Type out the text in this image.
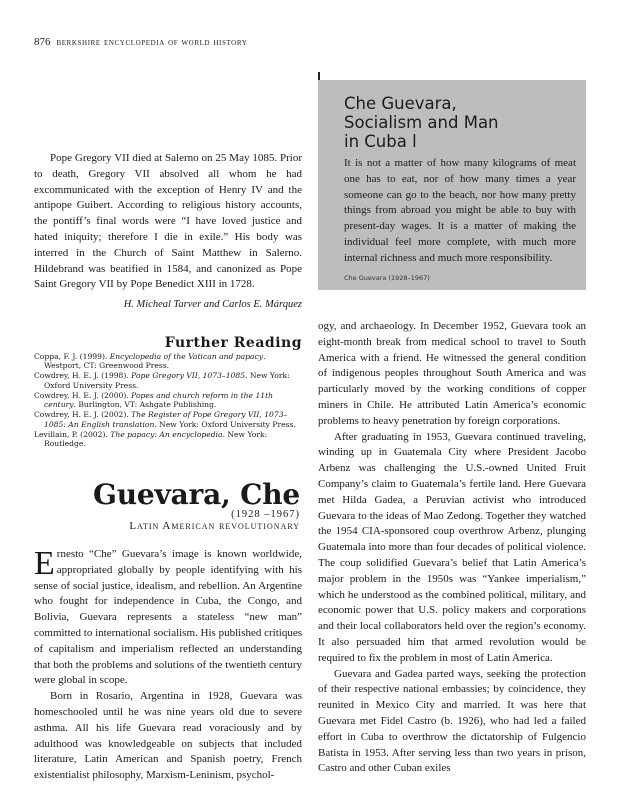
876 berkshire encyclopedia of world history
Che Guevara,
Socialism and Man
in Cuba l
It is not a matter of how many kilograms of meat one has to eat, nor of how many times a year someone can go to the beach, nor how many pretty things from abroad you might be able to buy with present-day wages. It is a matter of making the individual feel more complete, with much more internal richness and much more responsibility.
Che Guevara (1928–1967)
Pope Gregory VII died at Salerno on 25 May 1085. Prior to death, Gregory VII absolved all whom he had excommunicated with the exception of Henry IV and the antipope Guibert. According to religious history accounts, the pontiff’s final words were “I have loved justice and hated iniquity; therefore I die in exile.” His body was interred in the Church of Saint Matthew in Salerno. Hildebrand was beatified in 1584, and canonized as Pope Saint Gregory VII by Pope Benedict XIII in 1728.
H. Micheal Tarver and Carlos E. Márquez
Further Reading
Coppa, F. J. (1999). Encyclopedia of the Vatican and papacy. Westport, CT: Greenwood Press.
Cowdrey, H. E. J. (1998). Pope Gregory VII, 1073–1085. New York: Oxford University Press.
Cowdrey, H. E. J. (2000). Popes and church reform in the 11th century. Burlington, VT: Ashgate Publishing.
Cowdrey, H. E. J. (2002). The Register of Pope Gregory VII, 1073–1085: An English translation. New York: Oxford University Press.
Levillain, P. (2002). The papacy: An encyclopedia. New York: Routledge.
Guevara, Che
(1928 –1967)
Latin American revolutionary
Ernesto “Che” Guevara’s image is known worldwide, appropriated globally by people identifying with his sense of social justice, idealism, and rebellion. An Argentine who fought for independence in Cuba, the Congo, and Bolivia, Guevara represents a stateless “new man” committed to international socialism. His published critiques of capitalism and imperialism reflected an understanding that both the problems and solutions of the twentieth century were global in scope.
Born in Rosario, Argentina in 1928, Guevara was homeschooled until he was nine years old due to severe asthma. All his life Guevara read voraciously and by adulthood was knowledgeable on subjects that included literature, Latin American and Spanish poetry, French existentialist philosophy, Marxism-Leninism, psychol-
ogy, and archaeology. In December 1952, Guevara took an eight-month break from medical school to travel to South America with a friend. He witnessed the general condition of indigenous peoples throughout South America and was particularly moved by the working conditions of copper miners in Chile. He attributed Latin America’s economic problems to heavy penetration by foreign corporations.
After graduating in 1953, Guevara continued traveling, winding up in Guatemala City where President Jacobo Arbenz was challenging the U.S.-owned United Fruit Company’s claim to Guatemala’s fertile land. Here Guevara met Hilda Gadea, a Peruvian activist who introduced Guevara to the ideas of Mao Zedong. Together they watched the 1954 CIA-sponsored coup overthrow Arbenz, plunging Guatemala into more than four decades of political violence. The coup solidified Guevara’s belief that Latin America’s major problem in the 1950s was “Yankee imperialism,” which he understood as the combined political, military, and economic power that U.S. policy makers and corporations and their local collaborators held over the region’s economy. It also persuaded him that armed revolution would be required to fix the problem in most of Latin America.
Guevara and Gadea parted ways, seeking the protection of their respective national embassies; by coincidence, they reunited in Mexico City and married. It was here that Guevara met Fidel Castro (b. 1926), who had led a failed effort in Cuba to overthrow the dictatorship of Fulgencio Batista in 1953. After serving less than two years in prison, Castro and other Cuban exiles
